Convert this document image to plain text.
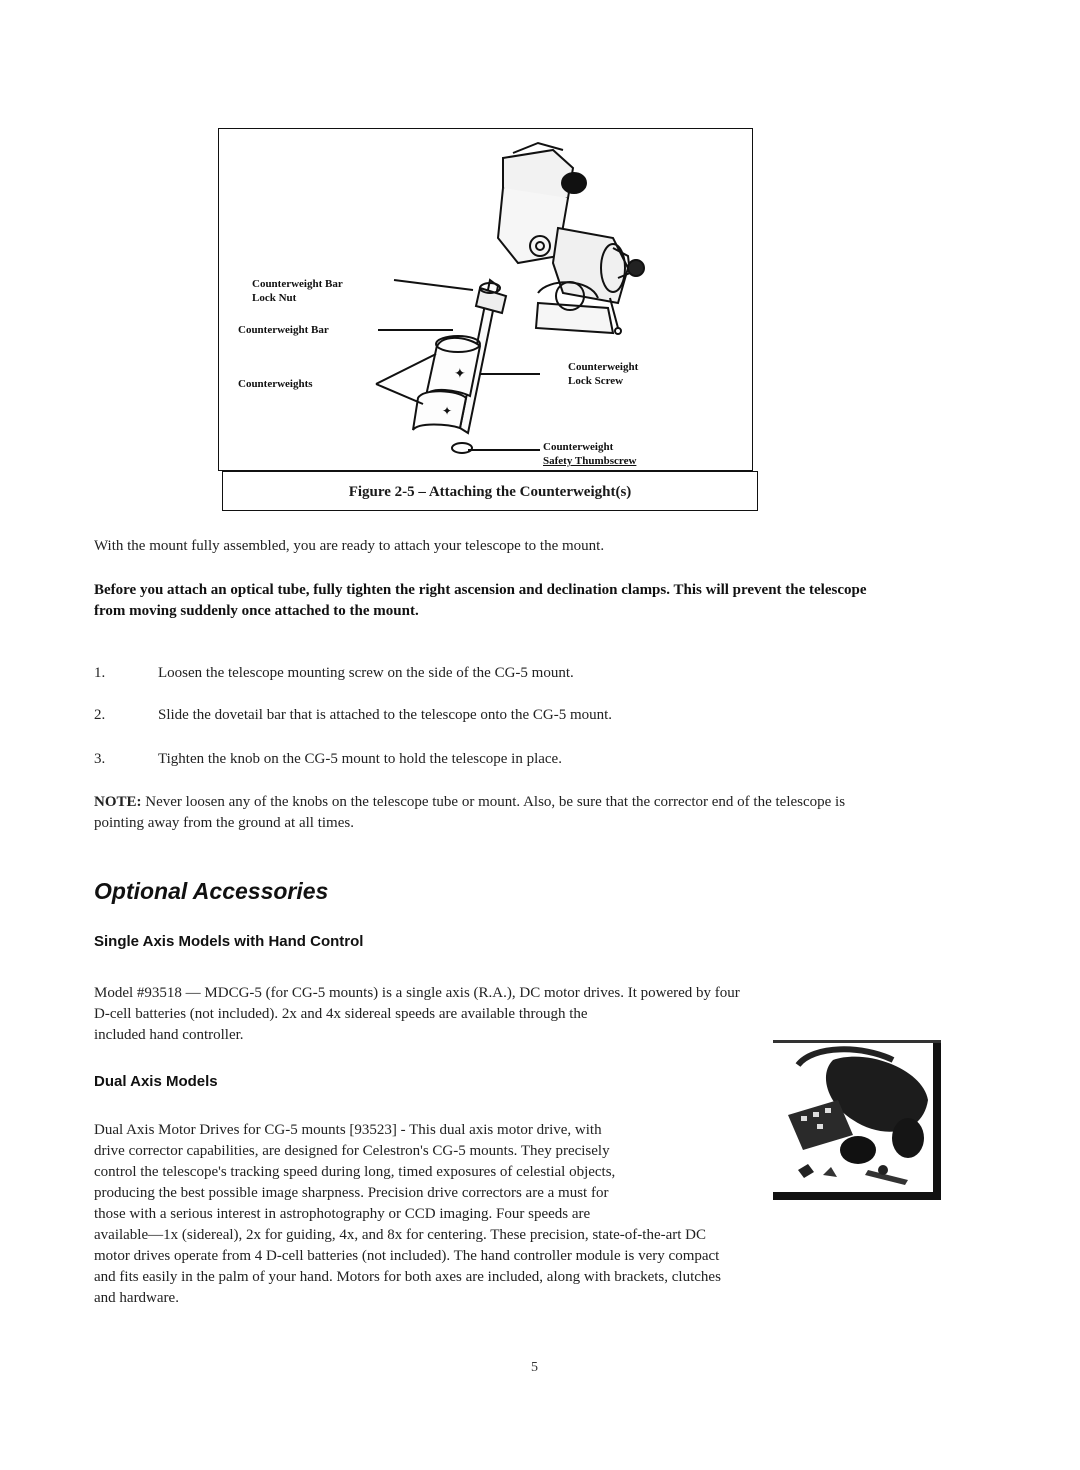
✦
✦
Counterweight Bar
Lock Nut
Counterweight Bar
Counterweights
Counterweight
Lock Screw
Counterweight
Safety Thumbscrew
Figure 2-5 – Attaching the Counterweight(s)

With the mount fully assembled, you are ready to attach your telescope to the mount.

Before you attach an optical tube, fully tighten the right ascension and declination clamps. This will prevent the telescope from moving suddenly once attached to the mount.

1.	Loosen the telescope mounting screw on the side of the CG-5 mount.
2.	Slide the dovetail bar that is attached to the telescope onto the CG-5 mount.
3.	Tighten the knob on the CG-5 mount to hold the telescope in place.

NOTE: Never loosen any of the knobs on the telescope tube or mount. Also, be sure that the corrector end of the telescope is pointing away from the ground at all times.

Optional Accessories
Single Axis Models with Hand Control
Model #93518 — MDCG-5 (for CG-5 mounts) is a single axis (R.A.), DC motor drives. It powered by four
D-cell batteries (not included). 2x and 4x sidereal speeds are available through the
included hand controller.
Dual Axis Models
Dual Axis Motor Drives for CG-5 mounts [93523] - This dual axis motor drive, with
drive corrector capabilities, are designed for Celestron's CG-5 mounts. They precisely
control the telescope's tracking speed during long, timed exposures of celestial objects,
producing the best possible image sharpness. Precision drive correctors are a must for
those with a serious interest in astrophotography or CCD imaging. Four speeds are
available—1x (sidereal), 2x for guiding, 4x, and 8x for centering. These precision, state-of-the-art DC
motor drives operate from 4 D-cell batteries (not included). The hand controller module is very compact
and fits easily in the palm of your hand. Motors for both axes are included, along with brackets, clutches
and hardware.
5
